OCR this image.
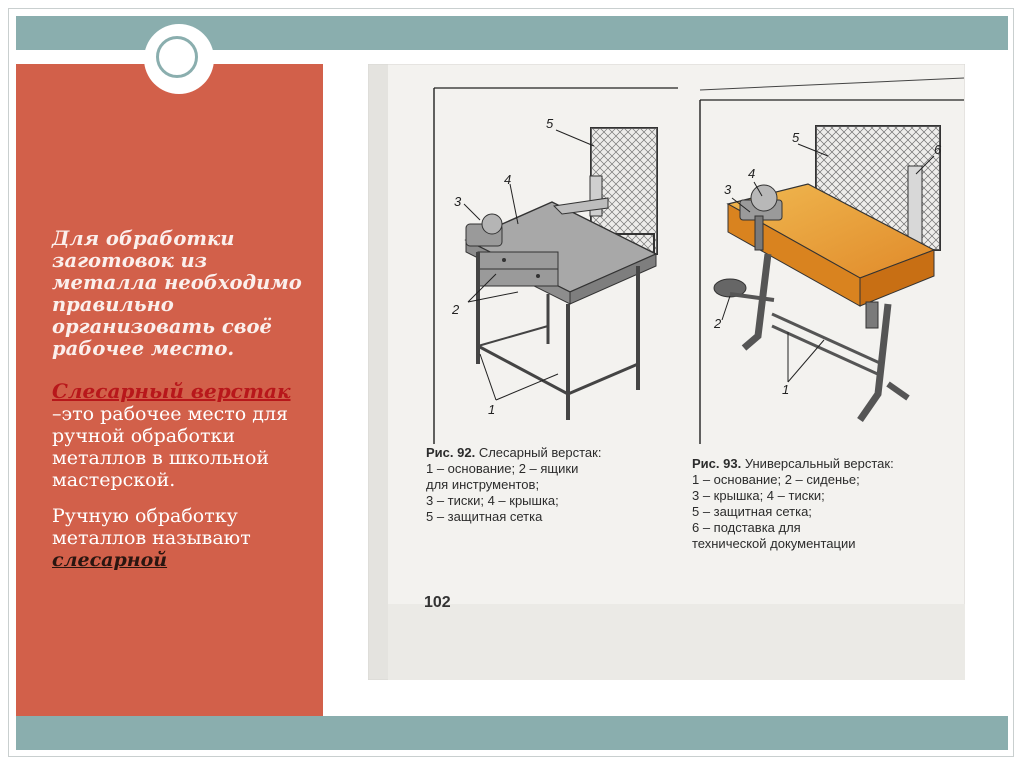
Для обработки заготовок из металла необходимо правильно организовать своё рабочее место.

Слесарный верстак –это рабочее место для ручной обработки металлов в школьной мастерской.

Ручную обработку металлов называют слесарной

3
4
5
2
1
3
4
5
6
2
1
Рис. 92. Слесарный верстак:
1 – основание; 2 – ящики
для инструментов;
3 – тиски; 4 – крышка;
5 – защитная сетка
Рис. 93. Универсальный верстак:
1 – основание; 2 – сиденье;
3 – крышка; 4 – тиски;
5 – защитная сетка;
6 – подставка для
технической документации
102
